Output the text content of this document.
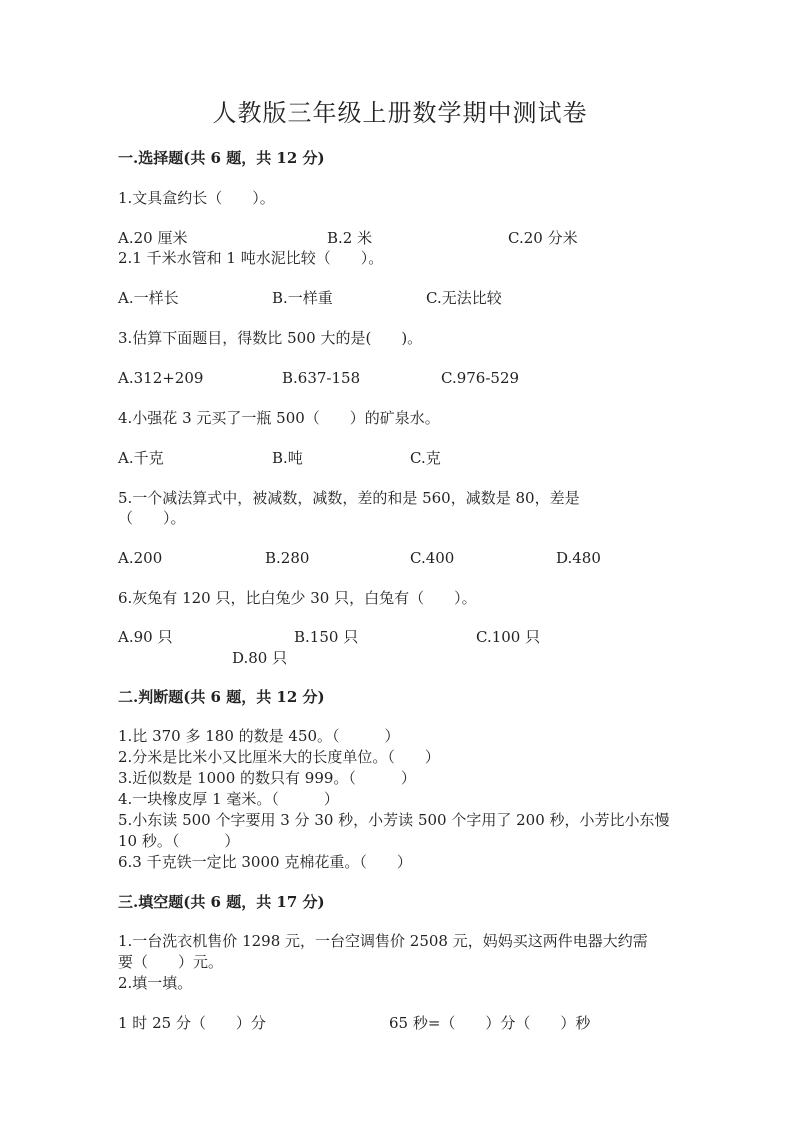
人教版三年级上册数学期中测试卷
一.选择题(共 6 题，共 12 分)
1.文具盒约长（　　）。
A.20 厘米	B.2 米	C.20 分米
2.1 千米水管和 1 吨水泥比较（　　）。
A.一样长	B.一样重	C.无法比较
3.估算下面题目，得数比 500 大的是(　　)。
A.312+209	B.637-158	C.976-529
4.小强花 3 元买了一瓶 500（　　）的矿泉水。
A.千克	B.吨	C.克
5.一个减法算式中，被减数，减数，差的和是 560，减数是 80，差是
（　　）。
A.200	B.280	C.400	D.480
6.灰兔有 120 只，比白兔少 30 只，白兔有（　　）。
A.90 只	B.150 只	C.100 只
D.80 只
二.判断题(共 6 题，共 12 分)
1.比 370 多 180 的数是 450。（　　　）
2.分米是比米小又比厘米大的长度单位。（　　）
3.近似数是 1000 的数只有 999。（　　　）
4.一块橡皮厚 1 毫米。（　　　）
5.小东读 500 个字要用 3 分 30 秒，小芳读 500 个字用了 200 秒，小芳比小东慢
10 秒。（　　　）
6.3 千克铁一定比 3000 克棉花重。（　　）
三.填空题(共 6 题，共 17 分)
1.一台洗衣机售价 1298 元，一台空调售价 2508 元，妈妈买这两件电器大约需
要（　　）元。
2.填一填。
1 时 25 分（　　）分	65 秒=（　　）分（　　）秒
